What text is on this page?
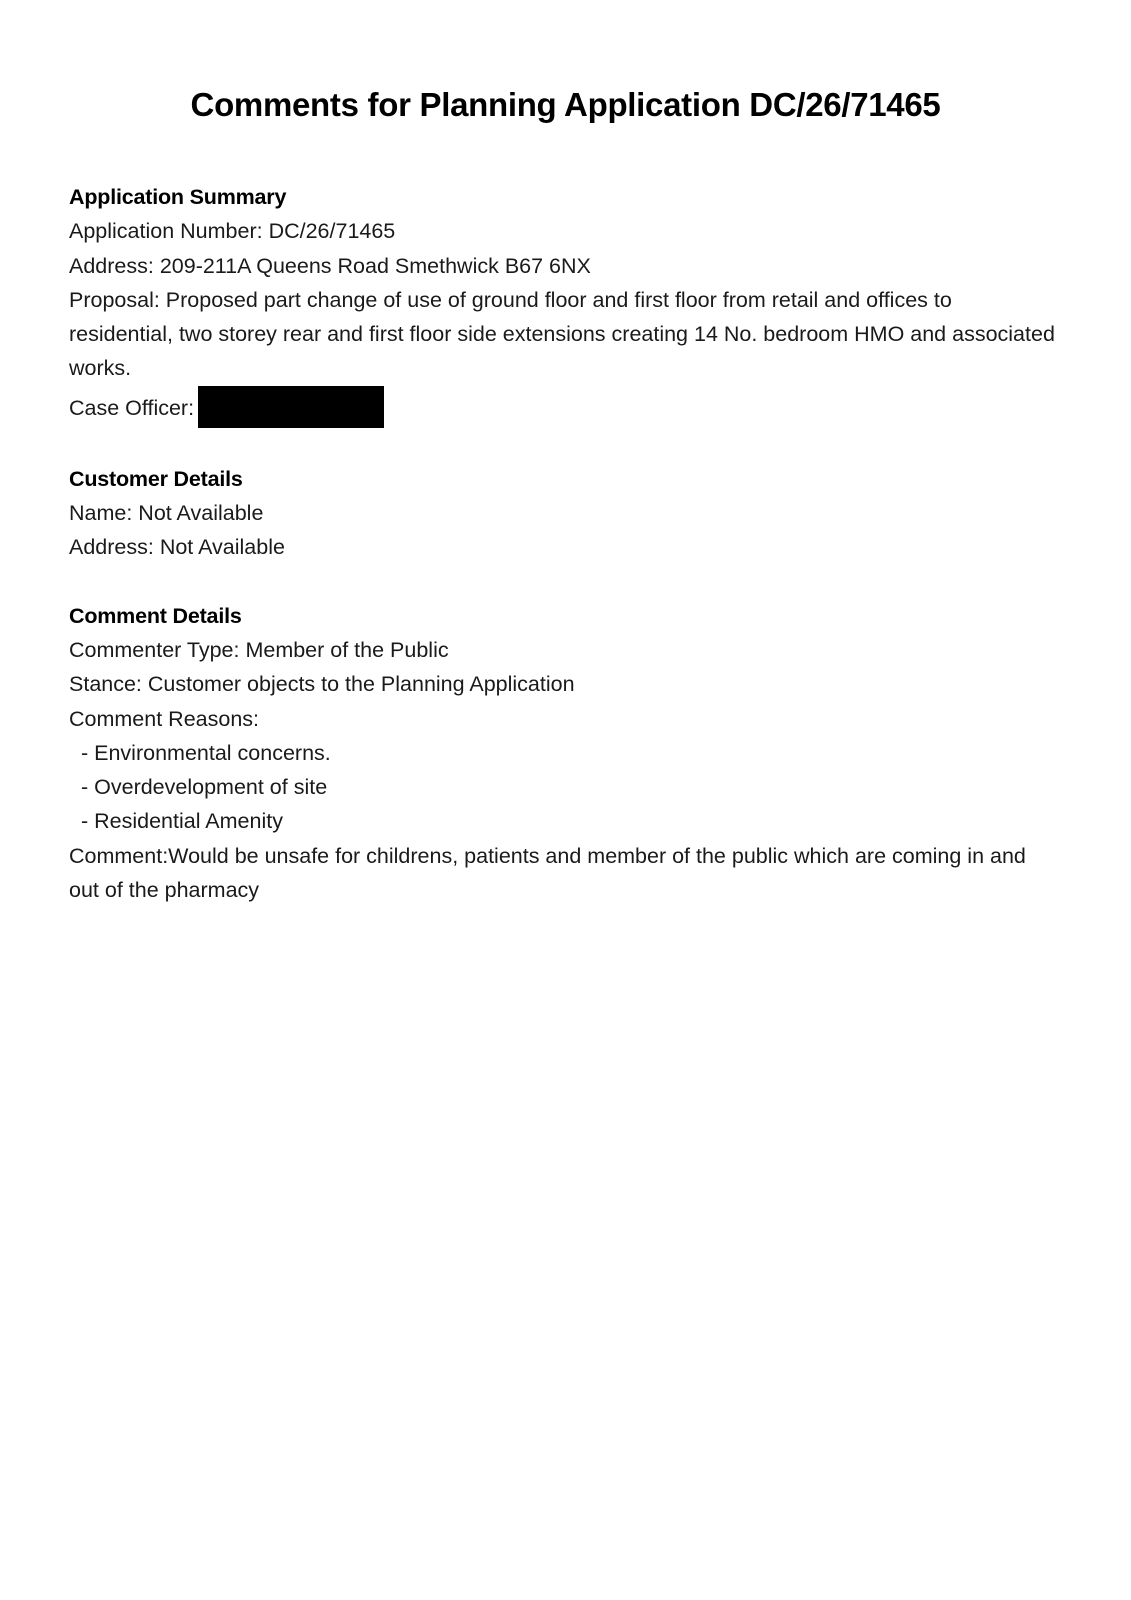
Comments for Planning Application DC/26/71465
Application Summary
Application Number: DC/26/71465
Address: 209-211A Queens Road Smethwick B67 6NX
Proposal: Proposed part change of use of ground floor and first floor from retail and offices to residential, two storey rear and first floor side extensions creating 14 No. bedroom HMO and associated works.
Case Officer:
Customer Details
Name: Not Available
Address: Not Available
Comment Details
Commenter Type: Member of the Public
Stance: Customer objects to the Planning Application
Comment Reasons:
- Environmental concerns.
- Overdevelopment of site
- Residential Amenity
Comment:Would be unsafe for childrens, patients and member of the public which are coming in and out of the pharmacy
